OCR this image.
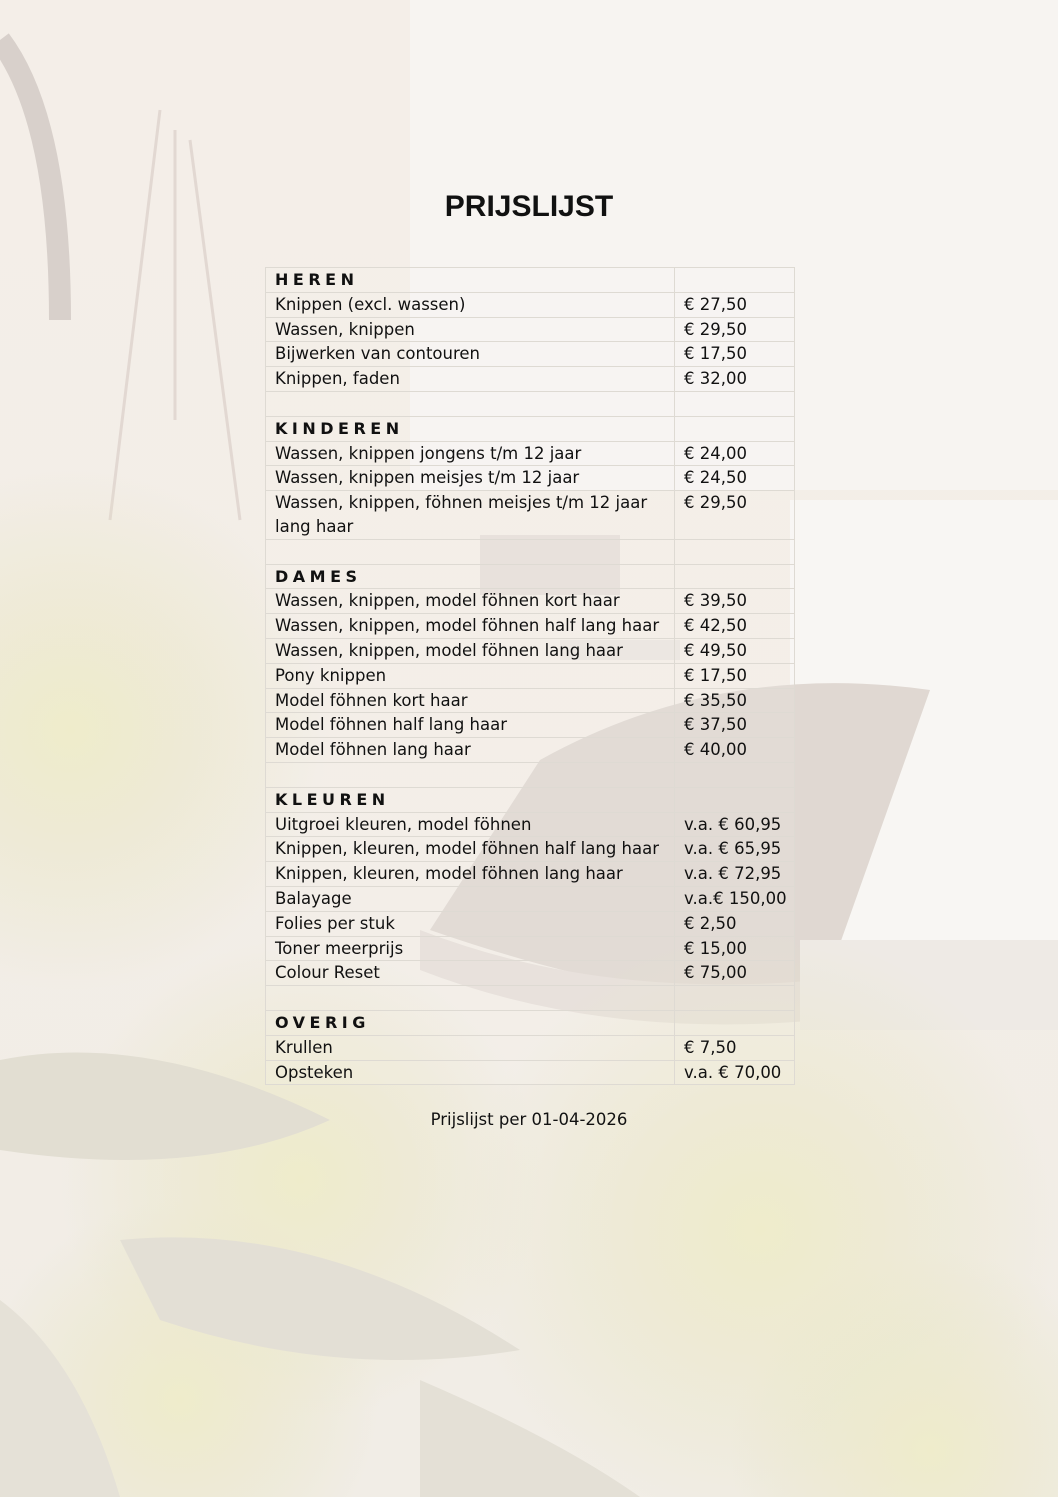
PRIJSLIJST
HEREN	
Knippen (excl. wassen)	€ 27,50
Wassen, knippen	€ 29,50
Bijwerken van contouren	€ 17,50
Knippen, faden	€ 32,00

KINDEREN	
Wassen, knippen jongens t/m 12 jaar	€ 24,00
Wassen, knippen meisjes t/m 12 jaar	€ 24,50
Wassen, knippen, föhnen meisjes t/m 12 jaar lang haar	€ 29,50

DAMES	
Wassen, knippen, model föhnen kort haar	€ 39,50
Wassen, knippen, model föhnen half lang haar	€ 42,50
Wassen, knippen, model föhnen lang haar	€ 49,50
Pony knippen	€ 17,50
Model föhnen kort haar	€ 35,50
Model föhnen half lang haar	€ 37,50
Model föhnen lang haar	€ 40,00

KLEUREN	
Uitgroei kleuren, model föhnen	v.a. € 60,95
Knippen, kleuren, model föhnen half lang haar	v.a. € 65,95
Knippen, kleuren, model föhnen lang haar	v.a. € 72,95
Balayage	v.a.€ 150,00
Folies per stuk	€ 2,50
Toner meerprijs	€ 15,00
Colour Reset	€ 75,00

OVERIG	
Krullen	€ 7,50
Opsteken	v.a. € 70,00
Prijslijst per 01-04-2026
